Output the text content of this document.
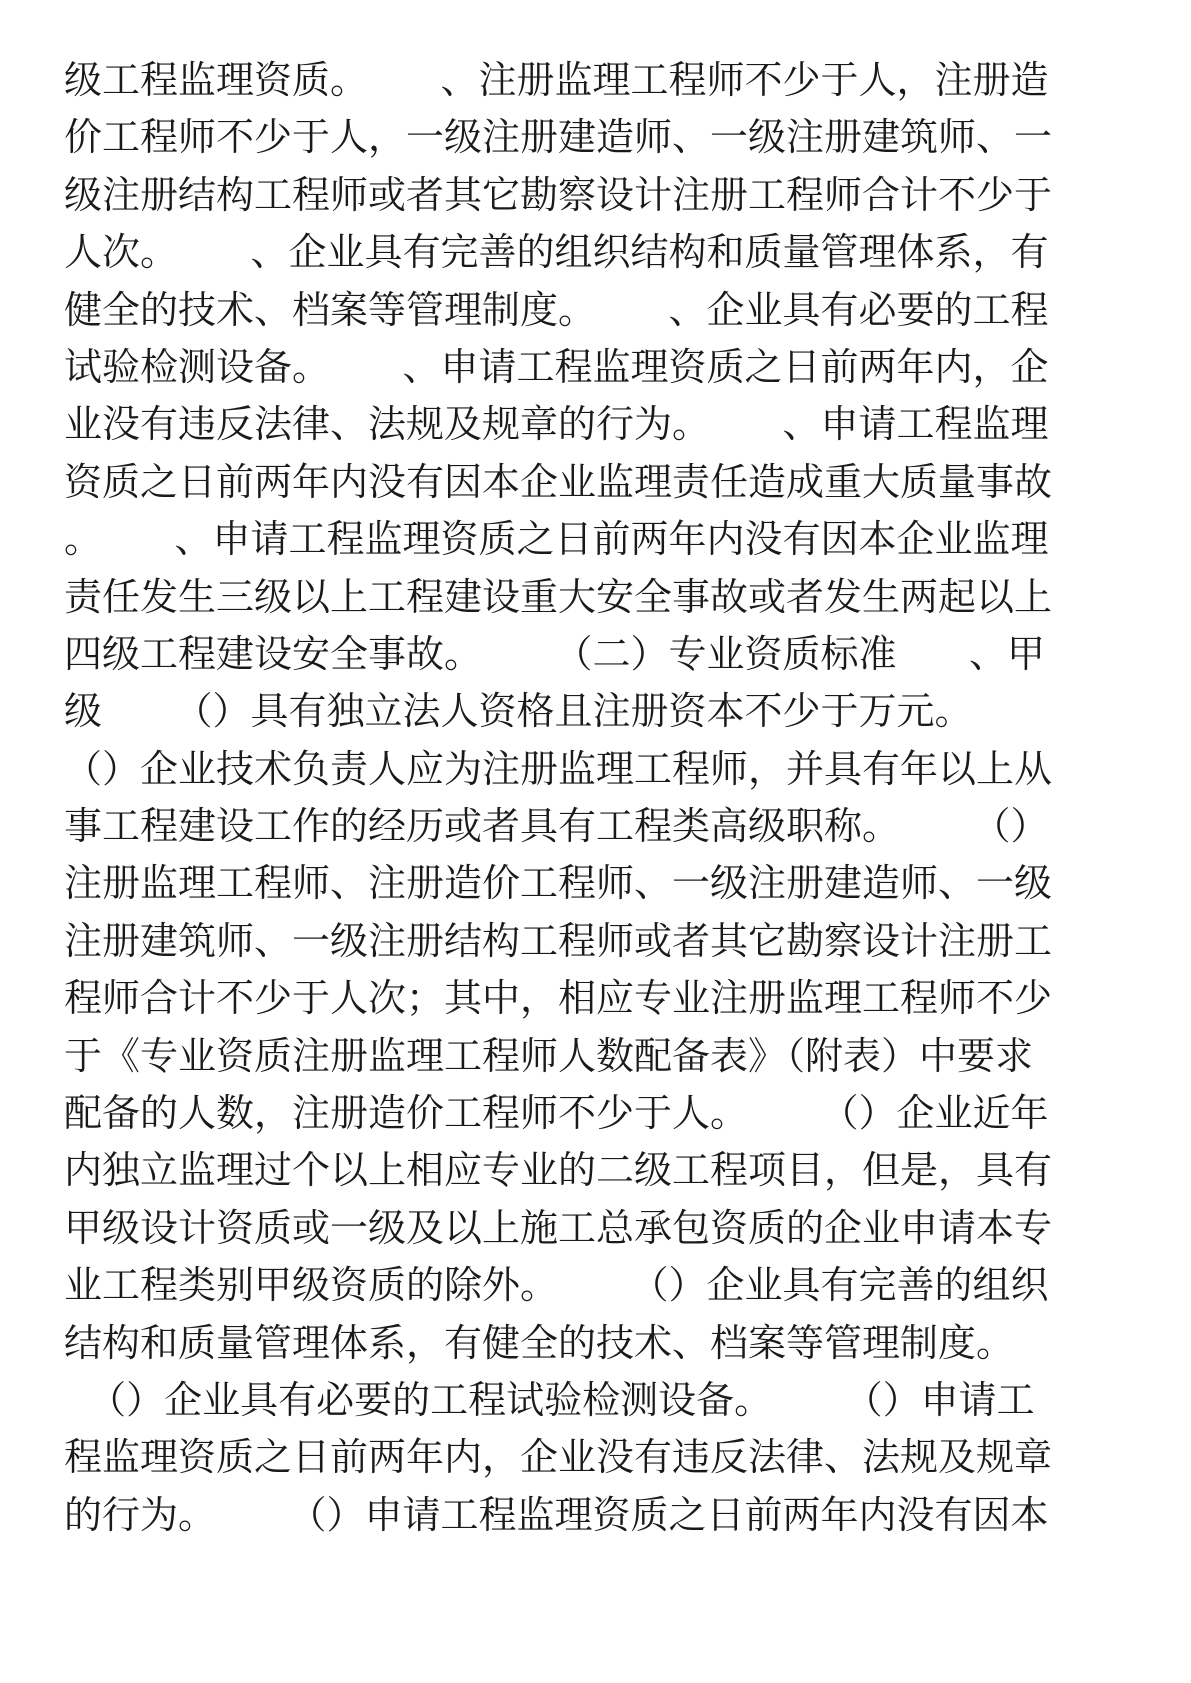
级工程监理资质。      、注册监理工程师不少于人，注册造
价工程师不少于人，一级注册建造师、一级注册建筑师、一
级注册结构工程师或者其它勘察设计注册工程师合计不少于
人次。      、企业具有完善的组织结构和质量管理体系，有
健全的技术、档案等管理制度。      、企业具有必要的工程
试验检测设备。      、申请工程监理资质之日前两年内，企
业没有违反法律、法规及规章的行为。      、申请工程监理
资质之日前两年内没有因本企业监理责任造成重大质量事故
。      、申请工程监理资质之日前两年内没有因本企业监理
责任发生三级以上工程建设重大安全事故或者发生两起以上
四级工程建设安全事故。      （二）专业资质标准      、甲
级      （）具有独立法人资格且注册资本不少于万元。
（）企业技术负责人应为注册监理工程师，并具有年以上从
事工程建设工作的经历或者具有工程类高级职称。      （）
注册监理工程师、注册造价工程师、一级注册建造师、一级
注册建筑师、一级注册结构工程师或者其它勘察设计注册工
程师合计不少于人次；其中，相应专业注册监理工程师不少
于《专业资质注册监理工程师人数配备表》（附表）中要求
配备的人数，注册造价工程师不少于人。      （）企业近年
内独立监理过个以上相应专业的二级工程项目，但是，具有
甲级设计资质或一级及以上施工总承包资质的企业申请本专
业工程类别甲级资质的除外。      （）企业具有完善的组织
结构和质量管理体系，有健全的技术、档案等管理制度。
（）企业具有必要的工程试验检测设备。      （）申请工
程监理资质之日前两年内，企业没有违反法律、法规及规章
的行为。      （）申请工程监理资质之日前两年内没有因本
